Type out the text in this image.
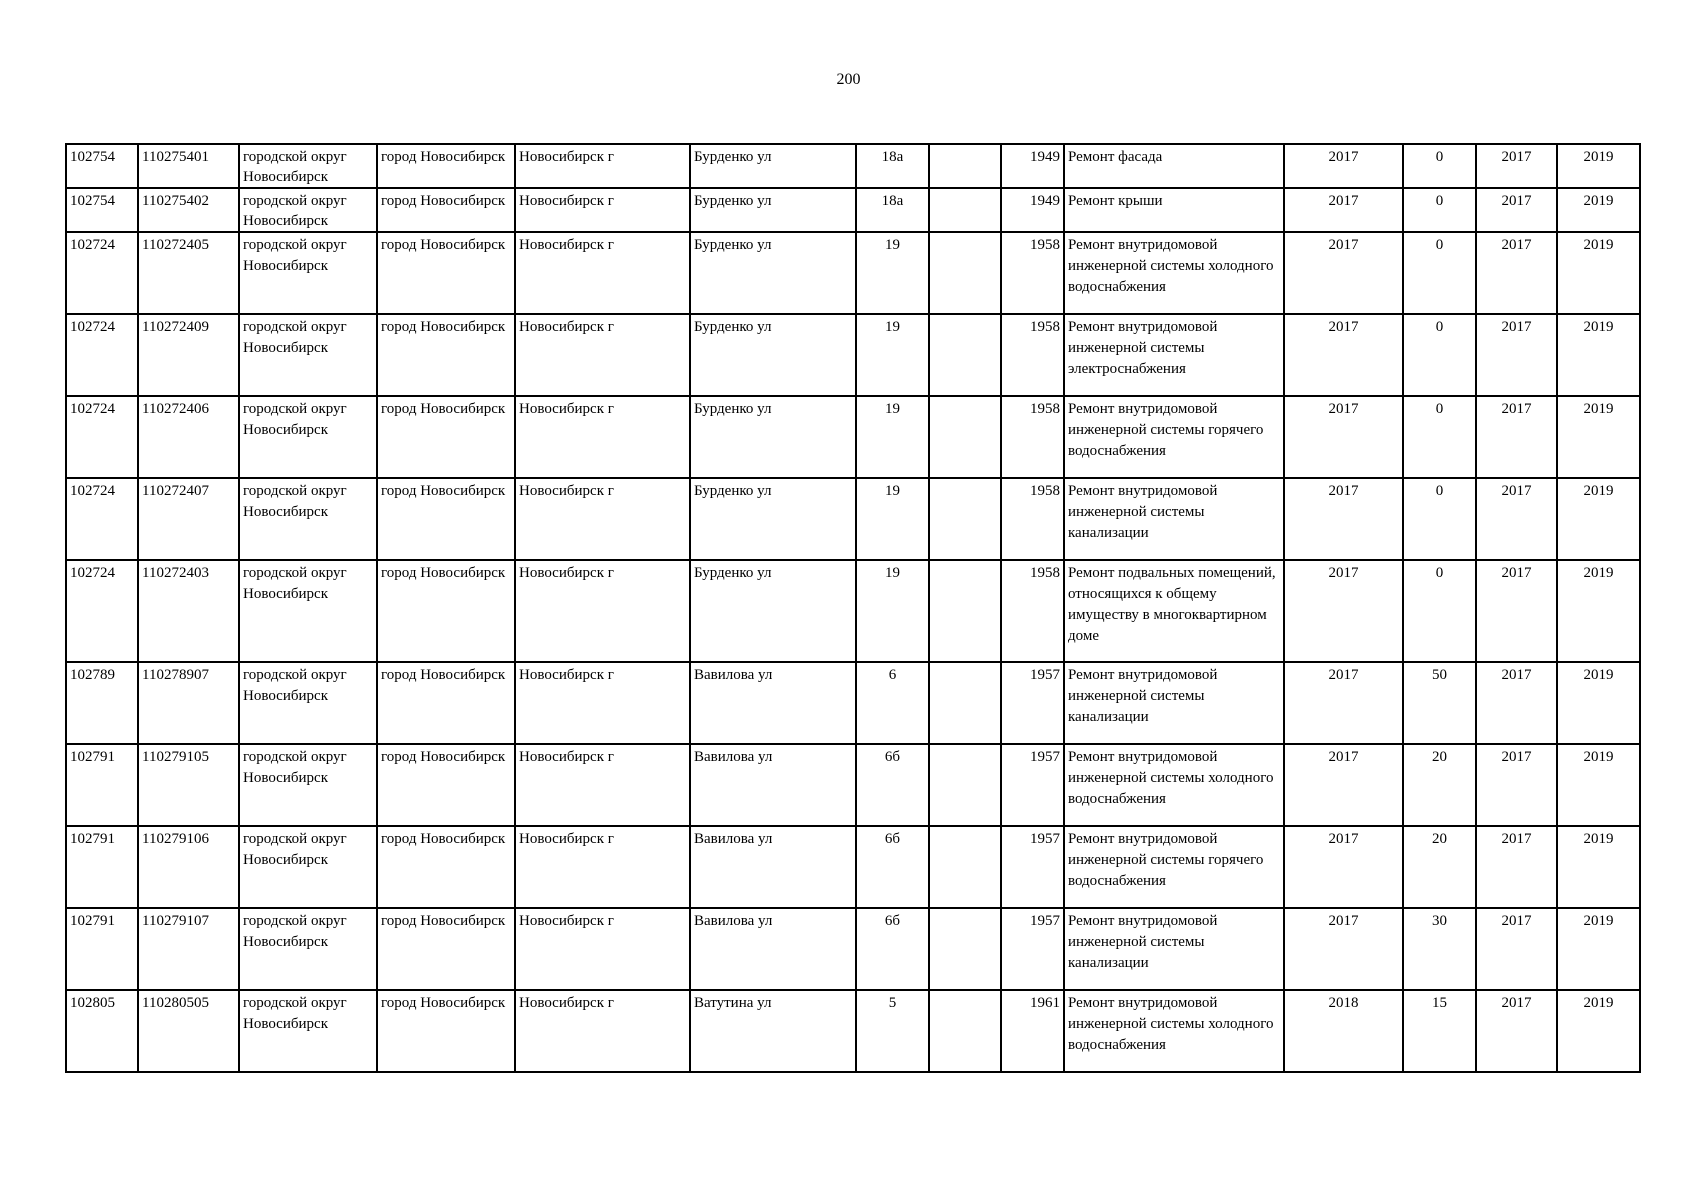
200
102754	110275401	городской округ Новосибирск	город Новосибирск	Новосибирск г	Бурденко ул	18а		1949	Ремонт фасада	2017	0	2017	2019
102754	110275402	городской округ Новосибирск	город Новосибирск	Новосибирск г	Бурденко ул	18а		1949	Ремонт крыши	2017	0	2017	2019
102724	110272405	городской округ Новосибирск	город Новосибирск	Новосибирск г	Бурденко ул	19		1958	Ремонт внутридомовой инженерной системы холодного водоснабжения	2017	0	2017	2019
102724	110272409	городской округ Новосибирск	город Новосибирск	Новосибирск г	Бурденко ул	19		1958	Ремонт внутридомовой инженерной системы электроснабжения	2017	0	2017	2019
102724	110272406	городской округ Новосибирск	город Новосибирск	Новосибирск г	Бурденко ул	19		1958	Ремонт внутридомовой инженерной системы горячего водоснабжения	2017	0	2017	2019
102724	110272407	городской округ Новосибирск	город Новосибирск	Новосибирск г	Бурденко ул	19		1958	Ремонт внутридомовой инженерной системы канализации	2017	0	2017	2019
102724	110272403	городской округ Новосибирск	город Новосибирск	Новосибирск г	Бурденко ул	19		1958	Ремонт подвальных помещений, относящихся к общему имуществу в многоквартирном доме	2017	0	2017	2019
102789	110278907	городской округ Новосибирск	город Новосибирск	Новосибирск г	Вавилова ул	6		1957	Ремонт внутридомовой инженерной системы канализации	2017	50	2017	2019
102791	110279105	городской округ Новосибирск	город Новосибирск	Новосибирск г	Вавилова ул	6б		1957	Ремонт внутридомовой инженерной системы холодного водоснабжения	2017	20	2017	2019
102791	110279106	городской округ Новосибирск	город Новосибирск	Новосибирск г	Вавилова ул	6б		1957	Ремонт внутридомовой инженерной системы горячего водоснабжения	2017	20	2017	2019
102791	110279107	городской округ Новосибирск	город Новосибирск	Новосибирск г	Вавилова ул	6б		1957	Ремонт внутридомовой инженерной системы канализации	2017	30	2017	2019
102805	110280505	городской округ Новосибирск	город Новосибирск	Новосибирск г	Ватутина ул	5		1961	Ремонт внутридомовой инженерной системы холодного водоснабжения	2018	15	2017	2019
